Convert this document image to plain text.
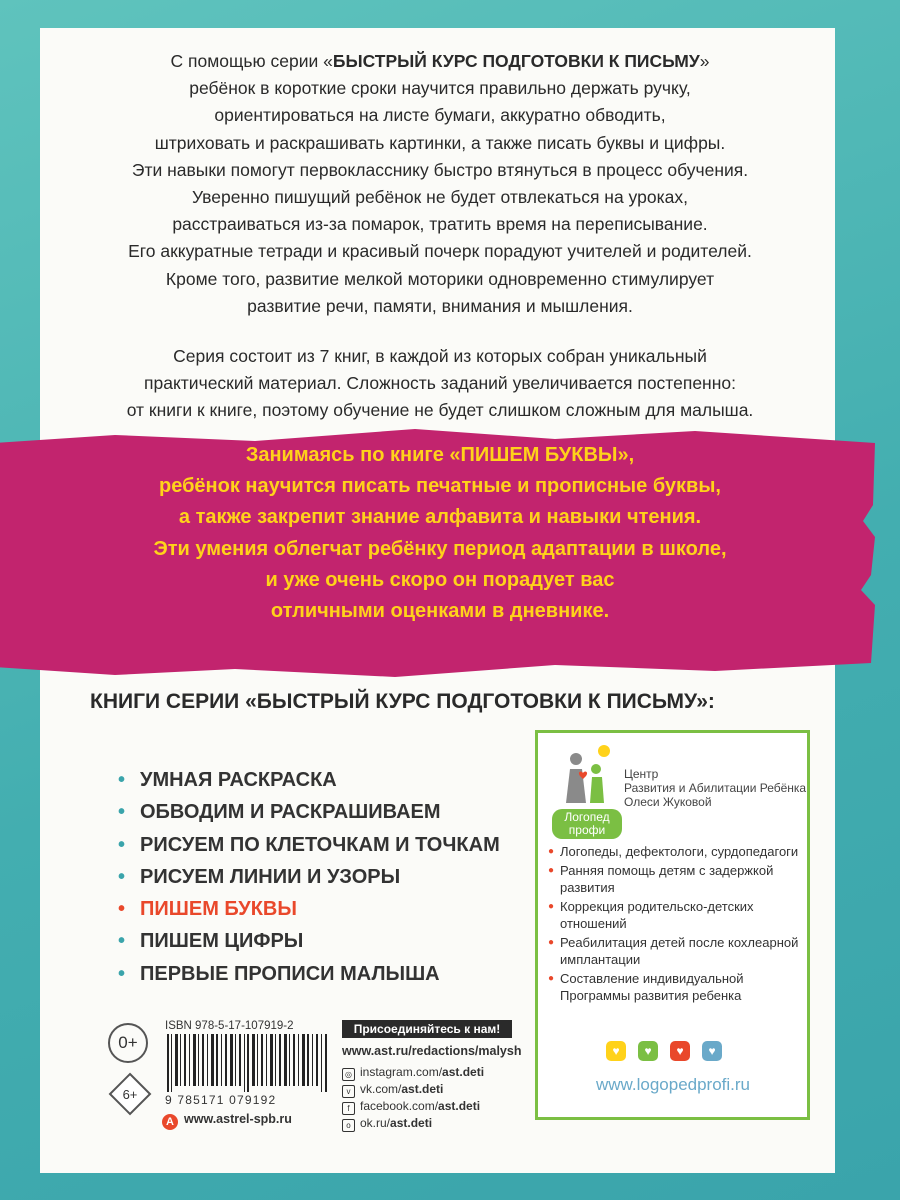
С помощью серии «БЫСТРЫЙ КУРС ПОДГОТОВКИ К ПИСЬМУ»
ребёнок в короткие сроки научится правильно держать ручку,
ориентироваться на листе бумаги, аккуратно обводить,
штриховать и раскрашивать картинки, а также писать буквы и цифры.
Эти навыки помогут первокласснику быстро втянуться в процесс обучения.
Уверенно пишущий ребёнок не будет отвлекаться на уроках,
расстраиваться из-за помарок, тратить время на переписывание.
Его аккуратные тетради и красивый почерк порадуют учителей и родителей.
Кроме того, развитие мелкой моторики одновременно стимулирует
развитие речи, памяти, внимания и мышления.

Серия состоит из 7 книг, в каждой из которых собран уникальный
практический материал. Сложность заданий увеличивается постепенно:
от книги к книге, поэтому обучение не будет слишком сложным для малыша.

Занимаясь по книге «ПИШЕМ БУКВЫ»,
ребёнок научится писать печатные и прописные буквы,
а также закрепит знание алфавита и навыки чтения.
Эти умения облегчат ребёнку период адаптации в школе,
и уже очень скоро он порадует вас
отличными оценками в дневнике.
КНИГИ СЕРИИ «БЫСТРЫЙ КУРС ПОДГОТОВКИ К ПИСЬМУ»:
• УМНАЯ РАСКРАСКА
• ОБВОДИМ И РАСКРАШИВАЕМ
• РИСУЕМ ПО КЛЕТОЧКАМ И ТОЧКАМ
• РИСУЕМ ЛИНИИ И УЗОРЫ
• ПИШЕМ БУКВЫ
• ПИШЕМ ЦИФРЫ
• ПЕРВЫЕ ПРОПИСИ МАЛЫША
Логопед
профи
Центр
Развития и Абилитации Ребёнка
Олеси Жуковой
● Логопеды, дефектологи, сурдопедагоги
● Ранняя помощь детям с задержкой развития
● Коррекция родительско-детских отношений
● Реабилитация детей после кохлеарной имплантации
● Составление индивидуальной Программы развития ребенка
♥	♥	♥	♥
www.logopedprofi.ru
0+
6+
ISBN 978-5-17-107919-2
9 785171 079192
А www.astrel-spb.ru
Присоединяйтесь к нам!
www.ast.ru/redactions/malysh
◎ instagram.com/ast.deti
v vk.com/ast.deti
f facebook.com/ast.deti
o ok.ru/ast.deti
